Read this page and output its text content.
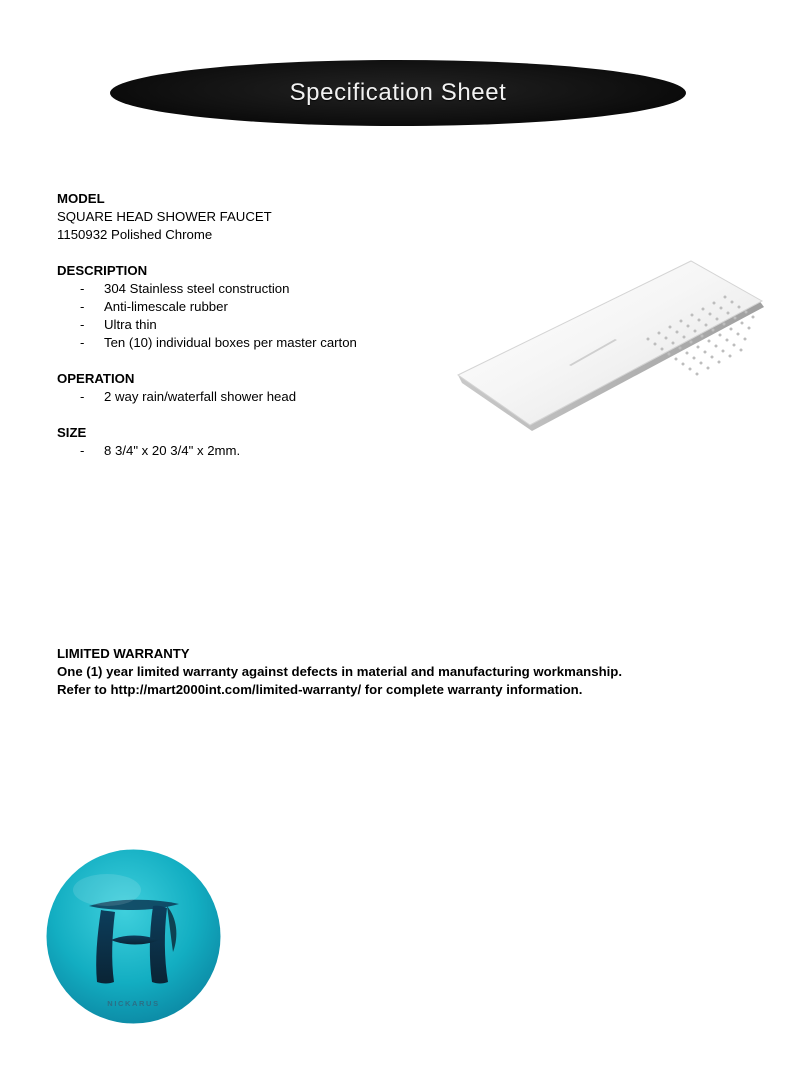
Specification Sheet

MODEL

SQUARE HEAD SHOWER FAUCET

1150932 Polished Chrome

DESCRIPTION

- 304 Stainless steel construction
- Anti-limescale rubber
- Ultra thin
- Ten (10) individual boxes per master carton

OPERATION

- 2 way rain/waterfall shower head

SIZE

- 8 3/4" x 20 3/4" x 2mm.

LIMITED WARRANTY

One (1) year limited warranty against defects in material and manufacturing workmanship.

Refer to http://mart2000int.com/limited-warranty/ for complete warranty information.

NICKARUS
